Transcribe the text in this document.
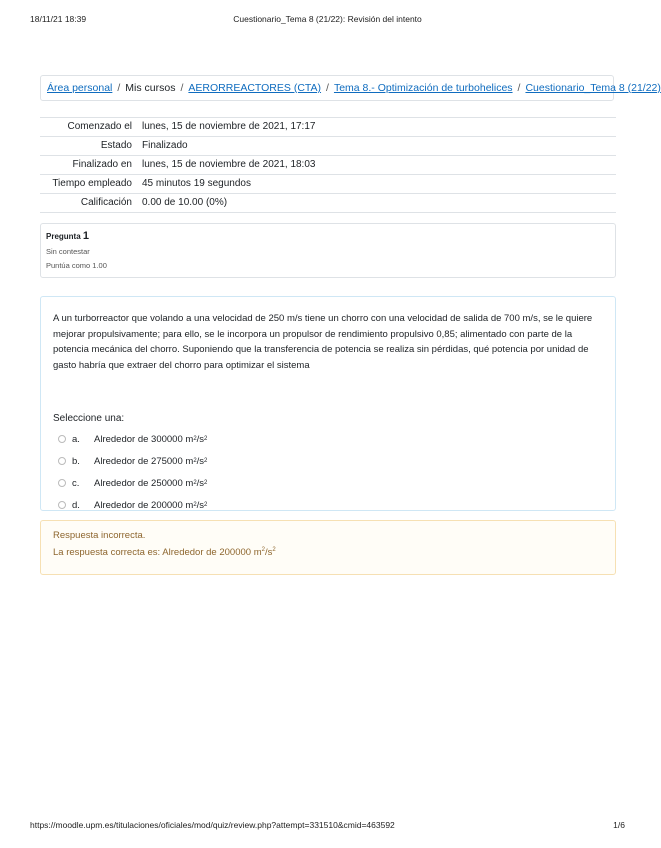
18/11/21 18:39	Cuestionario_Tema 8 (21/22): Revisión del intento
Área personal / Mis cursos / AERORREACTORES (CTA) / Tema 8.- Optimización de turbohelices / Cuestionario_Tema 8 (21/22)
Comenzado el	lunes, 15 de noviembre de 2021, 17:17
Estado	Finalizado
Finalizado en	lunes, 15 de noviembre de 2021, 18:03
Tiempo empleado	45 minutos 19 segundos
Calificación	0.00 de 10.00 (0%)
Pregunta 1
Sin contestar
Puntúa como 1.00
A un turborreactor que volando a una velocidad de 250 m/s tiene un chorro con una velocidad de salida de 700 m/s, se le quiere mejorar propulsivamente; para ello, se le incorpora un propulsor de rendimiento propulsivo 0,85; alimentado con parte de la potencia mecánica del chorro. Suponiendo que la transferencia de potencia se realiza sin pérdidas, qué potencia por unidad de gasto habría que extraer del chorro para optimizar el sistema
Seleccione una:
a.	Alrededor de 300000
m 2 /s 2
b.	Alrededor de 275000
m 2 /s 2
c.	Alrededor de 250000
m 2 /s 2
d.	Alrededor de 200000
m 2 /s 2
Respuesta incorrecta.
La respuesta correcta es: Alrededor de 200000 $m^2/s^2$
https://moodle.upm.es/titulaciones/oficiales/mod/quiz/review.php?attempt=331510&cmid=463592	1/6
